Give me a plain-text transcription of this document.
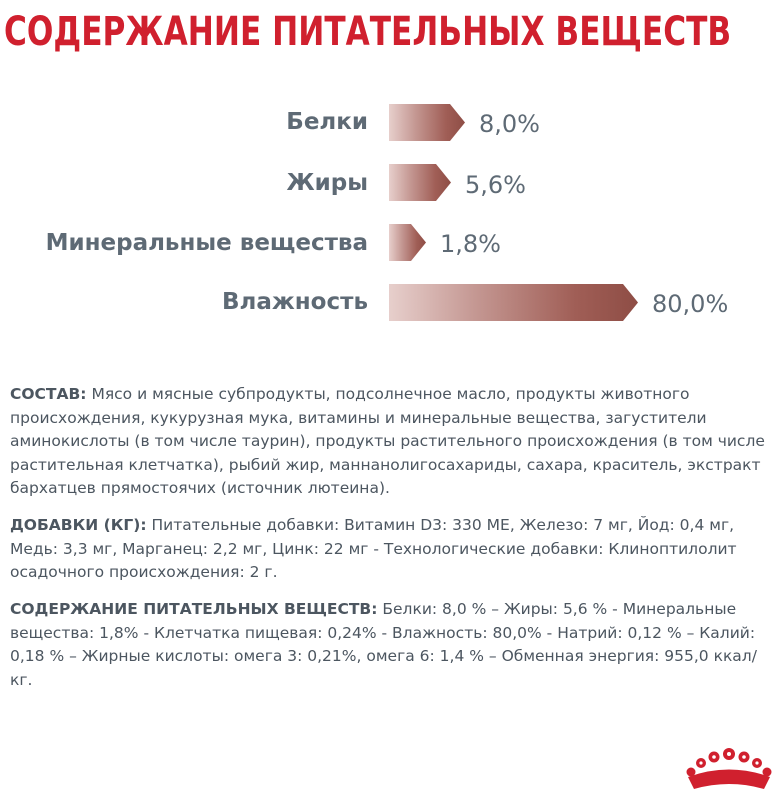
СОДЕРЖАНИЕ ПИТАТЕЛЬНЫХ ВЕЩЕСТВ
Белки	8,0%
Жиры	5,6%
Минеральные вещества	1,8%
Влажность	80,0%

СОСТАВ: Мясо и мясные субпродукты, подсолнечное масло, продукты животного происхождения, кукурузная мука, витамины и минеральные вещества, загустители аминокислоты (в том числе таурин), продукты растительного происхождения (в том числе растительная клетчатка), рыбий жир, маннанолигосахариды, сахара, краситель, экстракт бархатцев прямостоячих (источник лютеина).

ДОБАВКИ (КГ): Питательные добавки: Витамин D3: 330 МЕ, Железо: 7 мг, Йод: 0,4 мг, Медь: 3,3 мг, Марганец: 2,2 мг, Цинк: 22 мг - Технологические добавки: Клиноптилолит осадочного происхождения: 2 г.

СОДЕРЖАНИЕ ПИТАТЕЛЬНЫХ ВЕЩЕСТВ: Белки: 8,0 % – Жиры: 5,6 % - Минеральные вещества: 1,8% - Клетчатка пищевая: 0,24% - Влажность: 80,0% - Натрий: 0,12 % – Калий: 0,18 % – Жирные кислоты: омега 3: 0,21%, омега 6: 1,4 % – Обменная энергия: 955,0 ккал/кг.
